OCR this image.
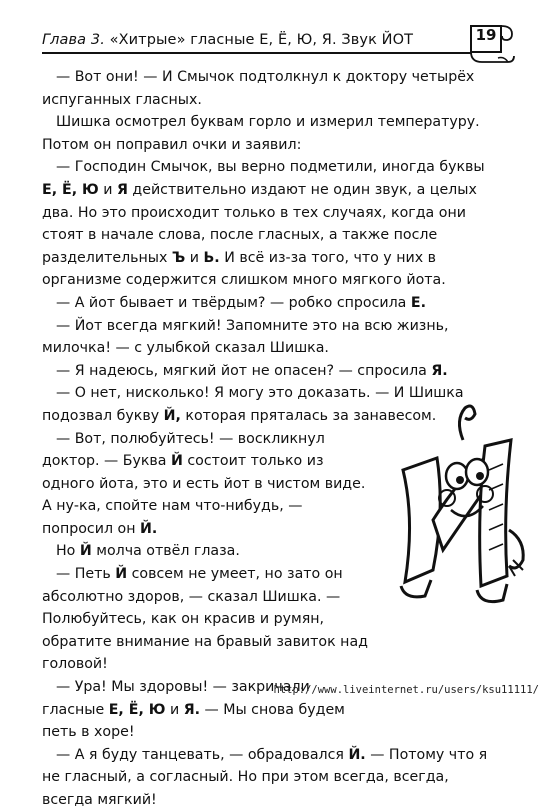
Глава 3. «Хитрые» гласные Е, Ё, Ю, Я. Звук ЙОТ	19

— Вот они! — И Смычок подтолкнул к доктору четырёх испуганных гласных.

Шишка осмотрел буквам горло и измерил температуру. Потом он поправил очки и заявил:

— Господин Смычок, вы верно подметили, иногда буквы Е, Ё, Ю и Я действительно издают не один звук, а целых два. Но это происходит только в тех случаях, когда они стоят в начале слова, после гласных, а также после разделительных Ъ и Ь. И всё из-за того, что у них в организме содержится слишком много мягкого йота.

— А йот бывает и твёрдым? — робко спросила Е.

— Йот всегда мягкий! Запомните это на всю жизнь, милочка! — с улыбкой сказал Шишка.

— Я надеюсь, мягкий йот не опасен? — спросила Я.

— О нет, нисколько! Я могу это доказать. — И Шишка подозвал букву Й, которая пряталась за занавесом.

— Вот, полюбуйтесь! — воскликнул доктор. — Буква Й состоит только из одного йота, это и есть йот в чистом виде. А ну-ка, спойте нам что-нибудь, — попросил он Й.

Но Й молча отвёл глаза.

— Петь Й совсем не умеет, но зато он абсолютно здоров, — сказал Шишка. — Полюбуйтесь, как он красив и румян, обратите внимание на бравый завиток над головой!

— Ура! Мы здоровы! — закричали гласные Е, Ё, Ю и Я. — Мы снова будем петь в хоре!

— А я буду танцевать, — обрадовался Й. — Потому что я не гласный, а согласный. Но при этом всегда, всегда, всегда мягкий!

http://www.liveinternet.ru/users/ksu11111/
